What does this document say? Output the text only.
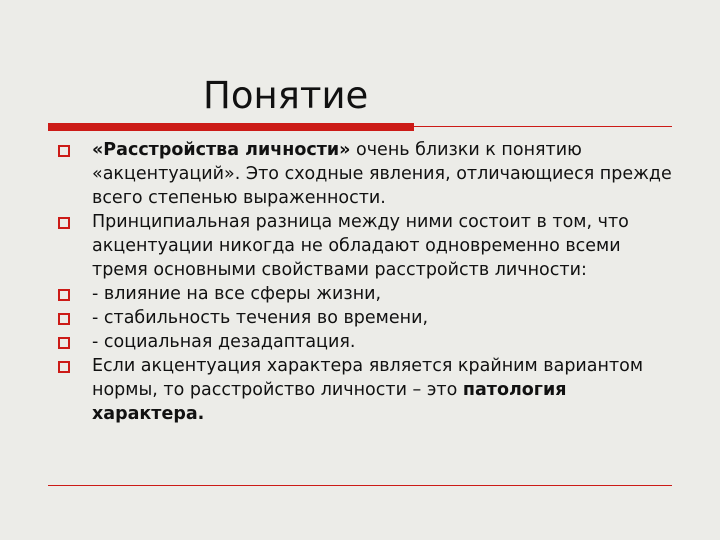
Понятие
«Расстройства личности» очень близки к понятию «акцентуаций». Это сходные явления, отличающиеся прежде всего степенью выраженности.
Принципиальная разница между ними состоит в том, что акцентуации никогда не обладают одновременно всеми тремя основными свойствами расстройств личности:
- влияние на все сферы жизни,
- стабильность течения во времени,
- социальная дезадаптация.
Если акцентуация характера является крайним вариантом нормы, то расстройство личности – это патология характера.
